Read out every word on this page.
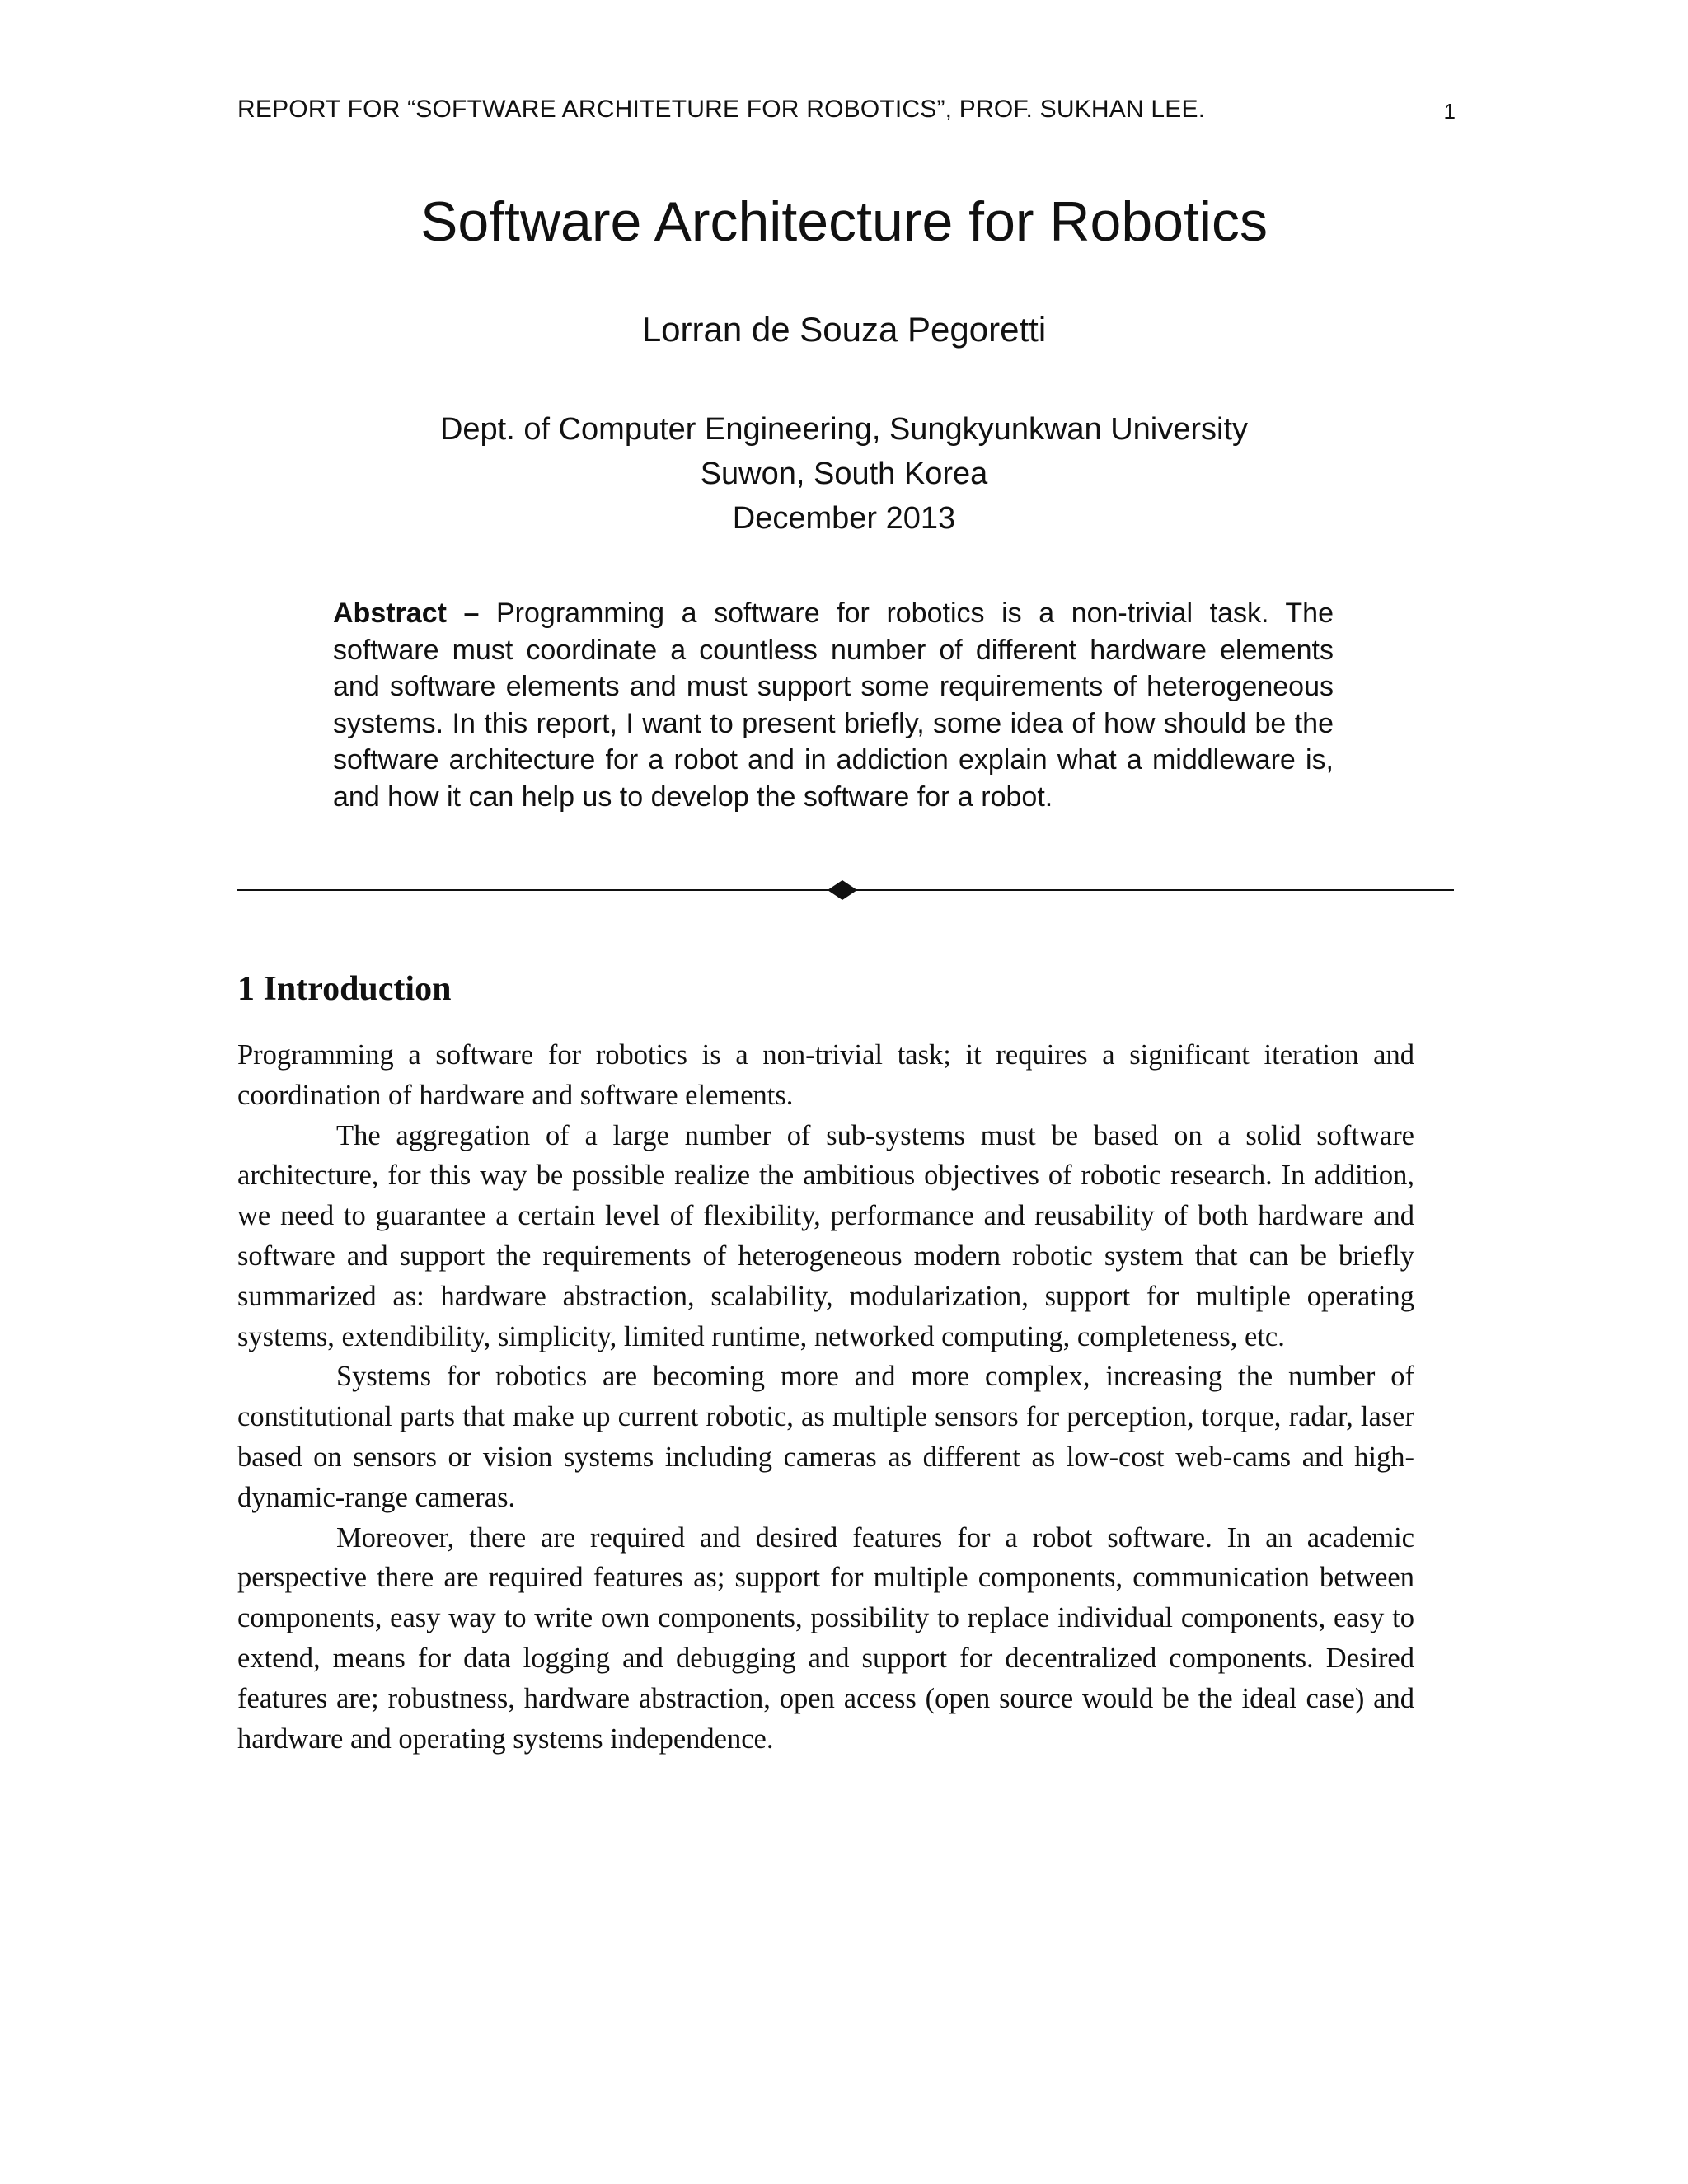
REPORT FOR “SOFTWARE ARCHITETURE FOR ROBOTICS”, PROF. SUKHAN LEE.	1
Software Architecture for Robotics
Lorran de Souza Pegoretti
Dept. of Computer Engineering, Sungkyunkwan University
Suwon, South Korea
December 2013

Abstract – Programming a software for robotics is a non-trivial task. The software must coordinate a countless number of different hardware elements and software elements and must support some requirements of heterogeneous systems. In this report, I want to present briefly, some idea of how should be the software architecture for a robot and in addiction explain what a middleware is, and how it can help us to develop the software for a robot.

1 Introduction

Programming a software for robotics is a non-trivial task; it requires a significant iteration and coordination of hardware and software elements.

The aggregation of a large number of sub-systems must be based on a solid software architecture, for this way be possible realize the ambitious objectives of robotic research. In addition, we need to guarantee a certain level of flexibility, performance and reusability of both hardware and software and support the requirements of heterogeneous modern robotic system that can be briefly summarized as: hardware abstraction, scalability, modularization, support for multiple operating systems, extendibility, simplicity, limited runtime, networked computing, completeness, etc.

Systems for robotics are becoming more and more complex, increasing the number of constitutional parts that make up current robotic, as multiple sensors for perception, torque, radar, laser based on sensors or vision systems including cameras as different as low-cost web-cams and high-dynamic-range cameras.

Moreover, there are required and desired features for a robot software. In an academic perspective there are required features as; support for multiple components, communication between components, easy way to write own components, possibility to replace individual components, easy to extend, means for data logging and debugging and support for decentralized components. Desired features are; robustness, hardware abstraction, open access (open source would be the ideal case) and hardware and operating systems independence.
